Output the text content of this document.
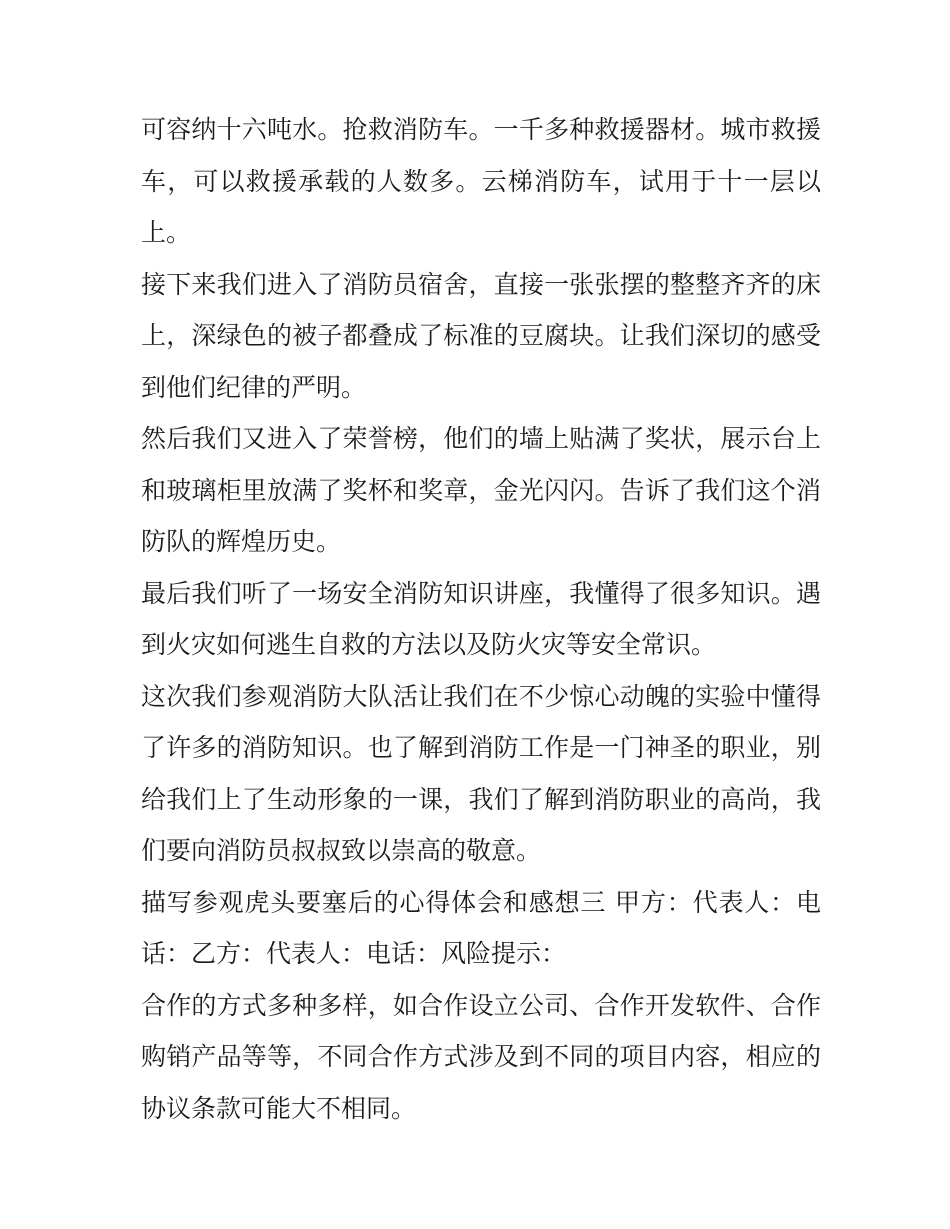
可容纳十六吨水。抢救消防车。一千多种救援器材。城市救援车，可以救援承载的人数多。云梯消防车，试用于十一层以上。

接下来我们进入了消防员宿舍，直接一张张摆的整整齐齐的床上，深绿色的被子都叠成了标准的豆腐块。让我们深切的感受到他们纪律的严明。

然后我们又进入了荣誉榜，他们的墙上贴满了奖状，展示台上和玻璃柜里放满了奖杯和奖章，金光闪闪。告诉了我们这个消防队的辉煌历史。

最后我们听了一场安全消防知识讲座，我懂得了很多知识。遇到火灾如何逃生自救的方法以及防火灾等安全常识。

这次我们参观消防大队活让我们在不少惊心动魄的实验中懂得了许多的消防知识。也了解到消防工作是一门神圣的职业，别给我们上了生动形象的一课，我们了解到消防职业的高尚，我们要向消防员叔叔致以崇高的敬意。

描写参观虎头要塞后的心得体会和感想三 甲方：代表人：电话：乙方：代表人：电话：风险提示：

合作的方式多种多样，如合作设立公司、合作开发软件、合作购销产品等等，不同合作方式涉及到不同的项目内容，相应的协议条款可能大不相同。
